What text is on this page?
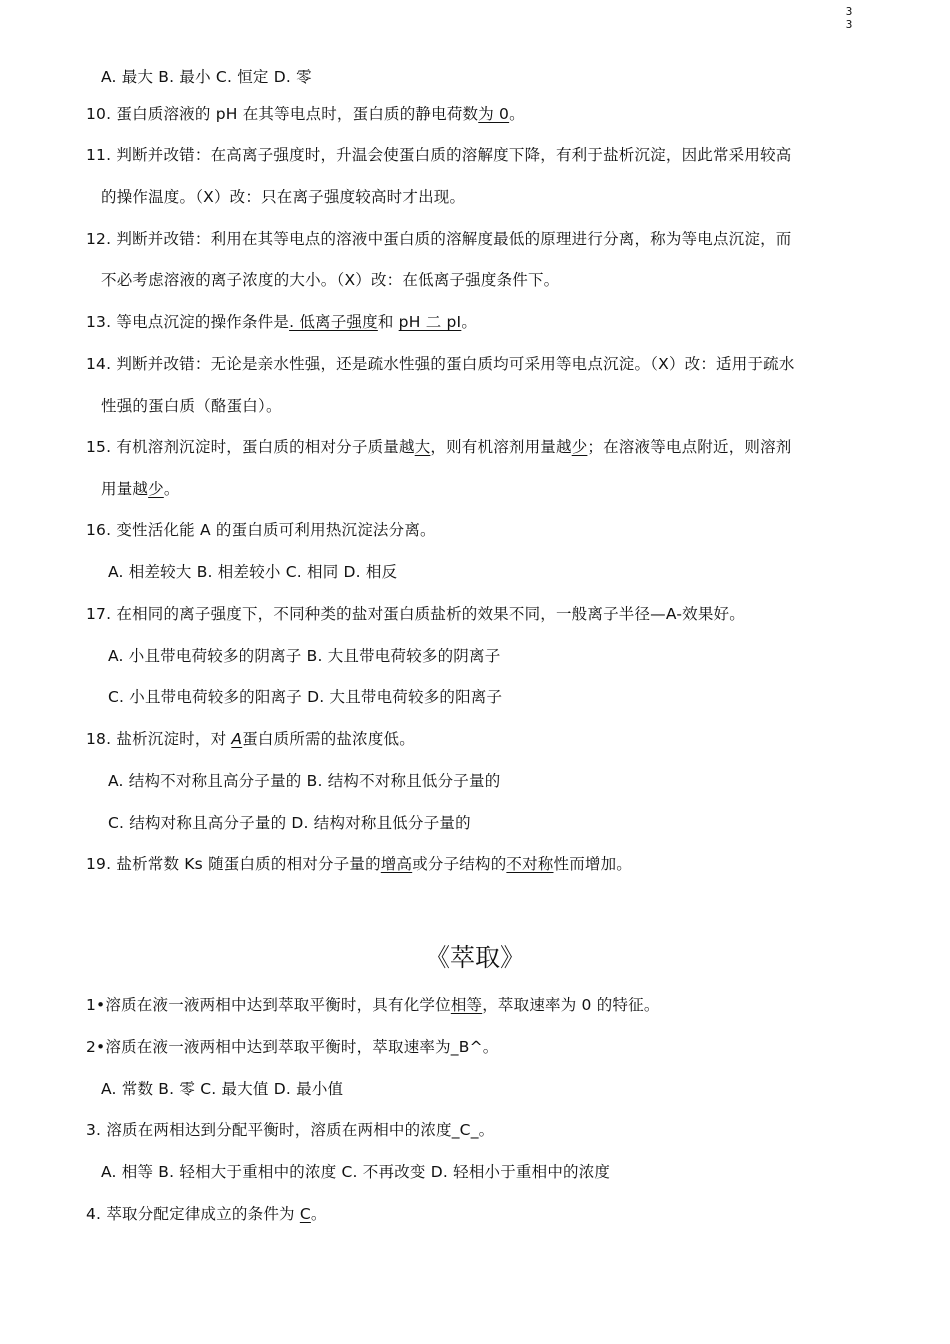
3
3
A. 最大 B. 最小 C. 恒定 D. 零
10. 蛋白质溶液的 pH 在其等电点时，蛋白质的静电荷数为 0。
11. 判断并改错：在高离子强度时，升温会使蛋白质的溶解度下降，有利于盐析沉淀，因此常采用较高
的操作温度。（X）改：只在离子强度较高时才出现。
12. 判断并改错：利用在其等电点的溶液中蛋白质的溶解度最低的原理进行分离，称为等电点沉淀，而
不必考虑溶液的离子浓度的大小。（X）改：在低离子强度条件下。
13. 等电点沉淀的操作条件是. 低离子强度和 pH 二 pI。
14. 判断并改错：无论是亲水性强，还是疏水性强的蛋白质均可采用等电点沉淀。（X）改：适用于疏水
性强的蛋白质（酪蛋白）。
15. 有机溶剂沉淀时，蛋白质的相对分子质量越大，则有机溶剂用量越少；在溶液等电点附近，则溶剂
用量越少。
16. 变性活化能 A 的蛋白质可利用热沉淀法分离。
A. 相差较大 B. 相差较小 C. 相同 D. 相反
17. 在相同的离子强度下，不同种类的盐对蛋白质盐析的效果不同，一般离子半径—A-效果好。
A. 小且带电荷较多的阴离子 B. 大且带电荷较多的阴离子
C. 小且带电荷较多的阳离子 D. 大且带电荷较多的阳离子
18. 盐析沉淀时，对 A蛋白质所需的盐浓度低。
A. 结构不对称且高分子量的 B. 结构不对称且低分子量的
C. 结构对称且高分子量的 D. 结构对称且低分子量的
19. 盐析常数 Ks 随蛋白质的相对分子量的增高或分子结构的不对称性而增加。
《萃取》
1•溶质在液一液两相中达到萃取平衡时，具有化学位相等，萃取速率为 0 的特征。
2•溶质在液一液两相中达到萃取平衡时，萃取速率为_B^。
A. 常数 B. 零 C. 最大值 D. 最小值
3. 溶质在两相达到分配平衡时，溶质在两相中的浓度_C_。
A. 相等 B. 轻相大于重相中的浓度 C. 不再改变 D. 轻相小于重相中的浓度
4. 萃取分配定律成立的条件为 C。
